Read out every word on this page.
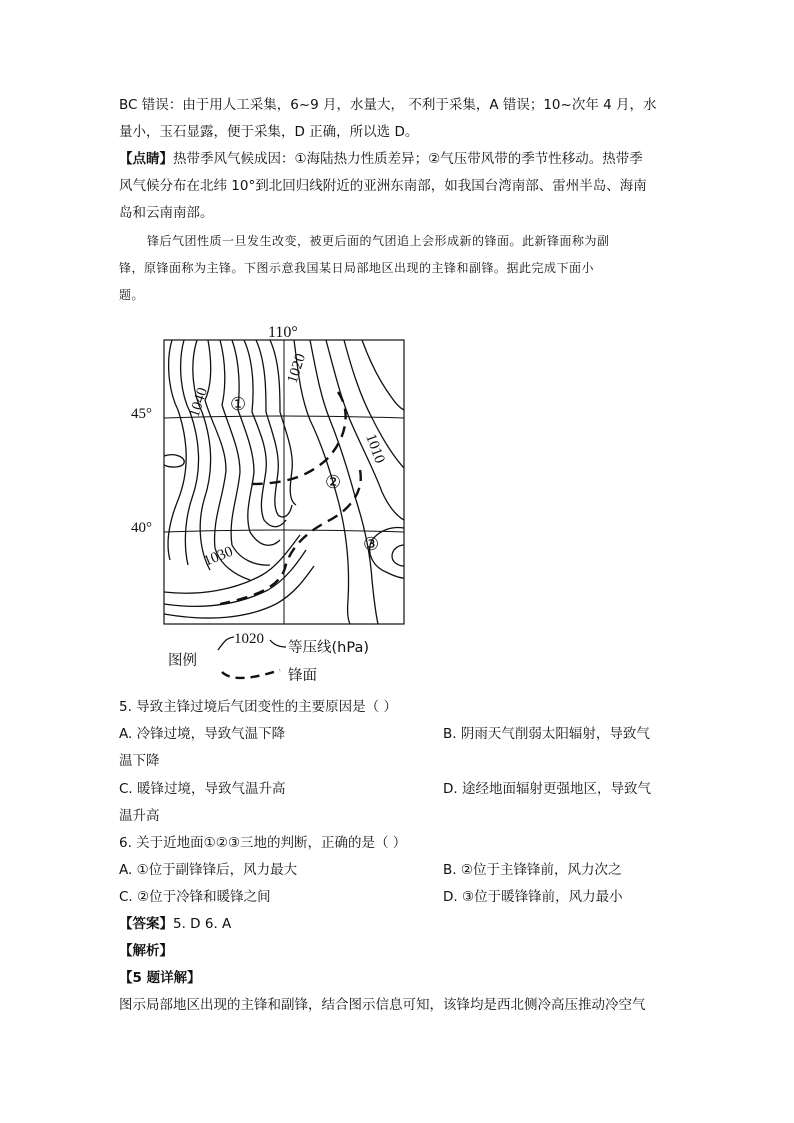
BC 错误：由于用人工采集，6~9 月，水量大， 不利于采集，A 错误；10~次年 4 月，水
量小，玉石显露，便于采集，D 正确，所以选 D。
【点睛】热带季风气候成因：①海陆热力性质差异；②气压带风带的季节性移动。热带季
风气候分布在北纬 10°到北回归线附近的亚洲东南部，如我国台湾南部、雷州半岛、海南
岛和云南南部。
锋后气团性质一旦发生改变，被更后面的气团追上会形成新的锋面。此新锋面称为副
锋，原锋面称为主锋。下图示意我国某日局部地区出现的主锋和副锋。据此完成下面小
题。
110°
45°
40°
1040
1020
1010
1030
①
②
③
图例
1020
等压线(hPa)
锋面
5. 导致主锋过境后气团变性的主要原因是（ ）
A. 冷锋过境，导致气温下降	B. 阴雨天气削弱太阳辐射，导致气
温下降
C. 暖锋过境，导致气温升高	D. 途经地面辐射更强地区，导致气
温升高
6. 关于近地面①②③三地的判断，正确的是（ ）
A. ①位于副锋锋后，风力最大	B. ②位于主锋锋前，风力次之
C. ②位于冷锋和暖锋之间	D. ③位于暖锋锋前，风力最小
【答案】5. D 6. A
【解析】
【5 题详解】
图示局部地区出现的主锋和副锋，结合图示信息可知，该锋均是西北侧冷高压推动冷空气
